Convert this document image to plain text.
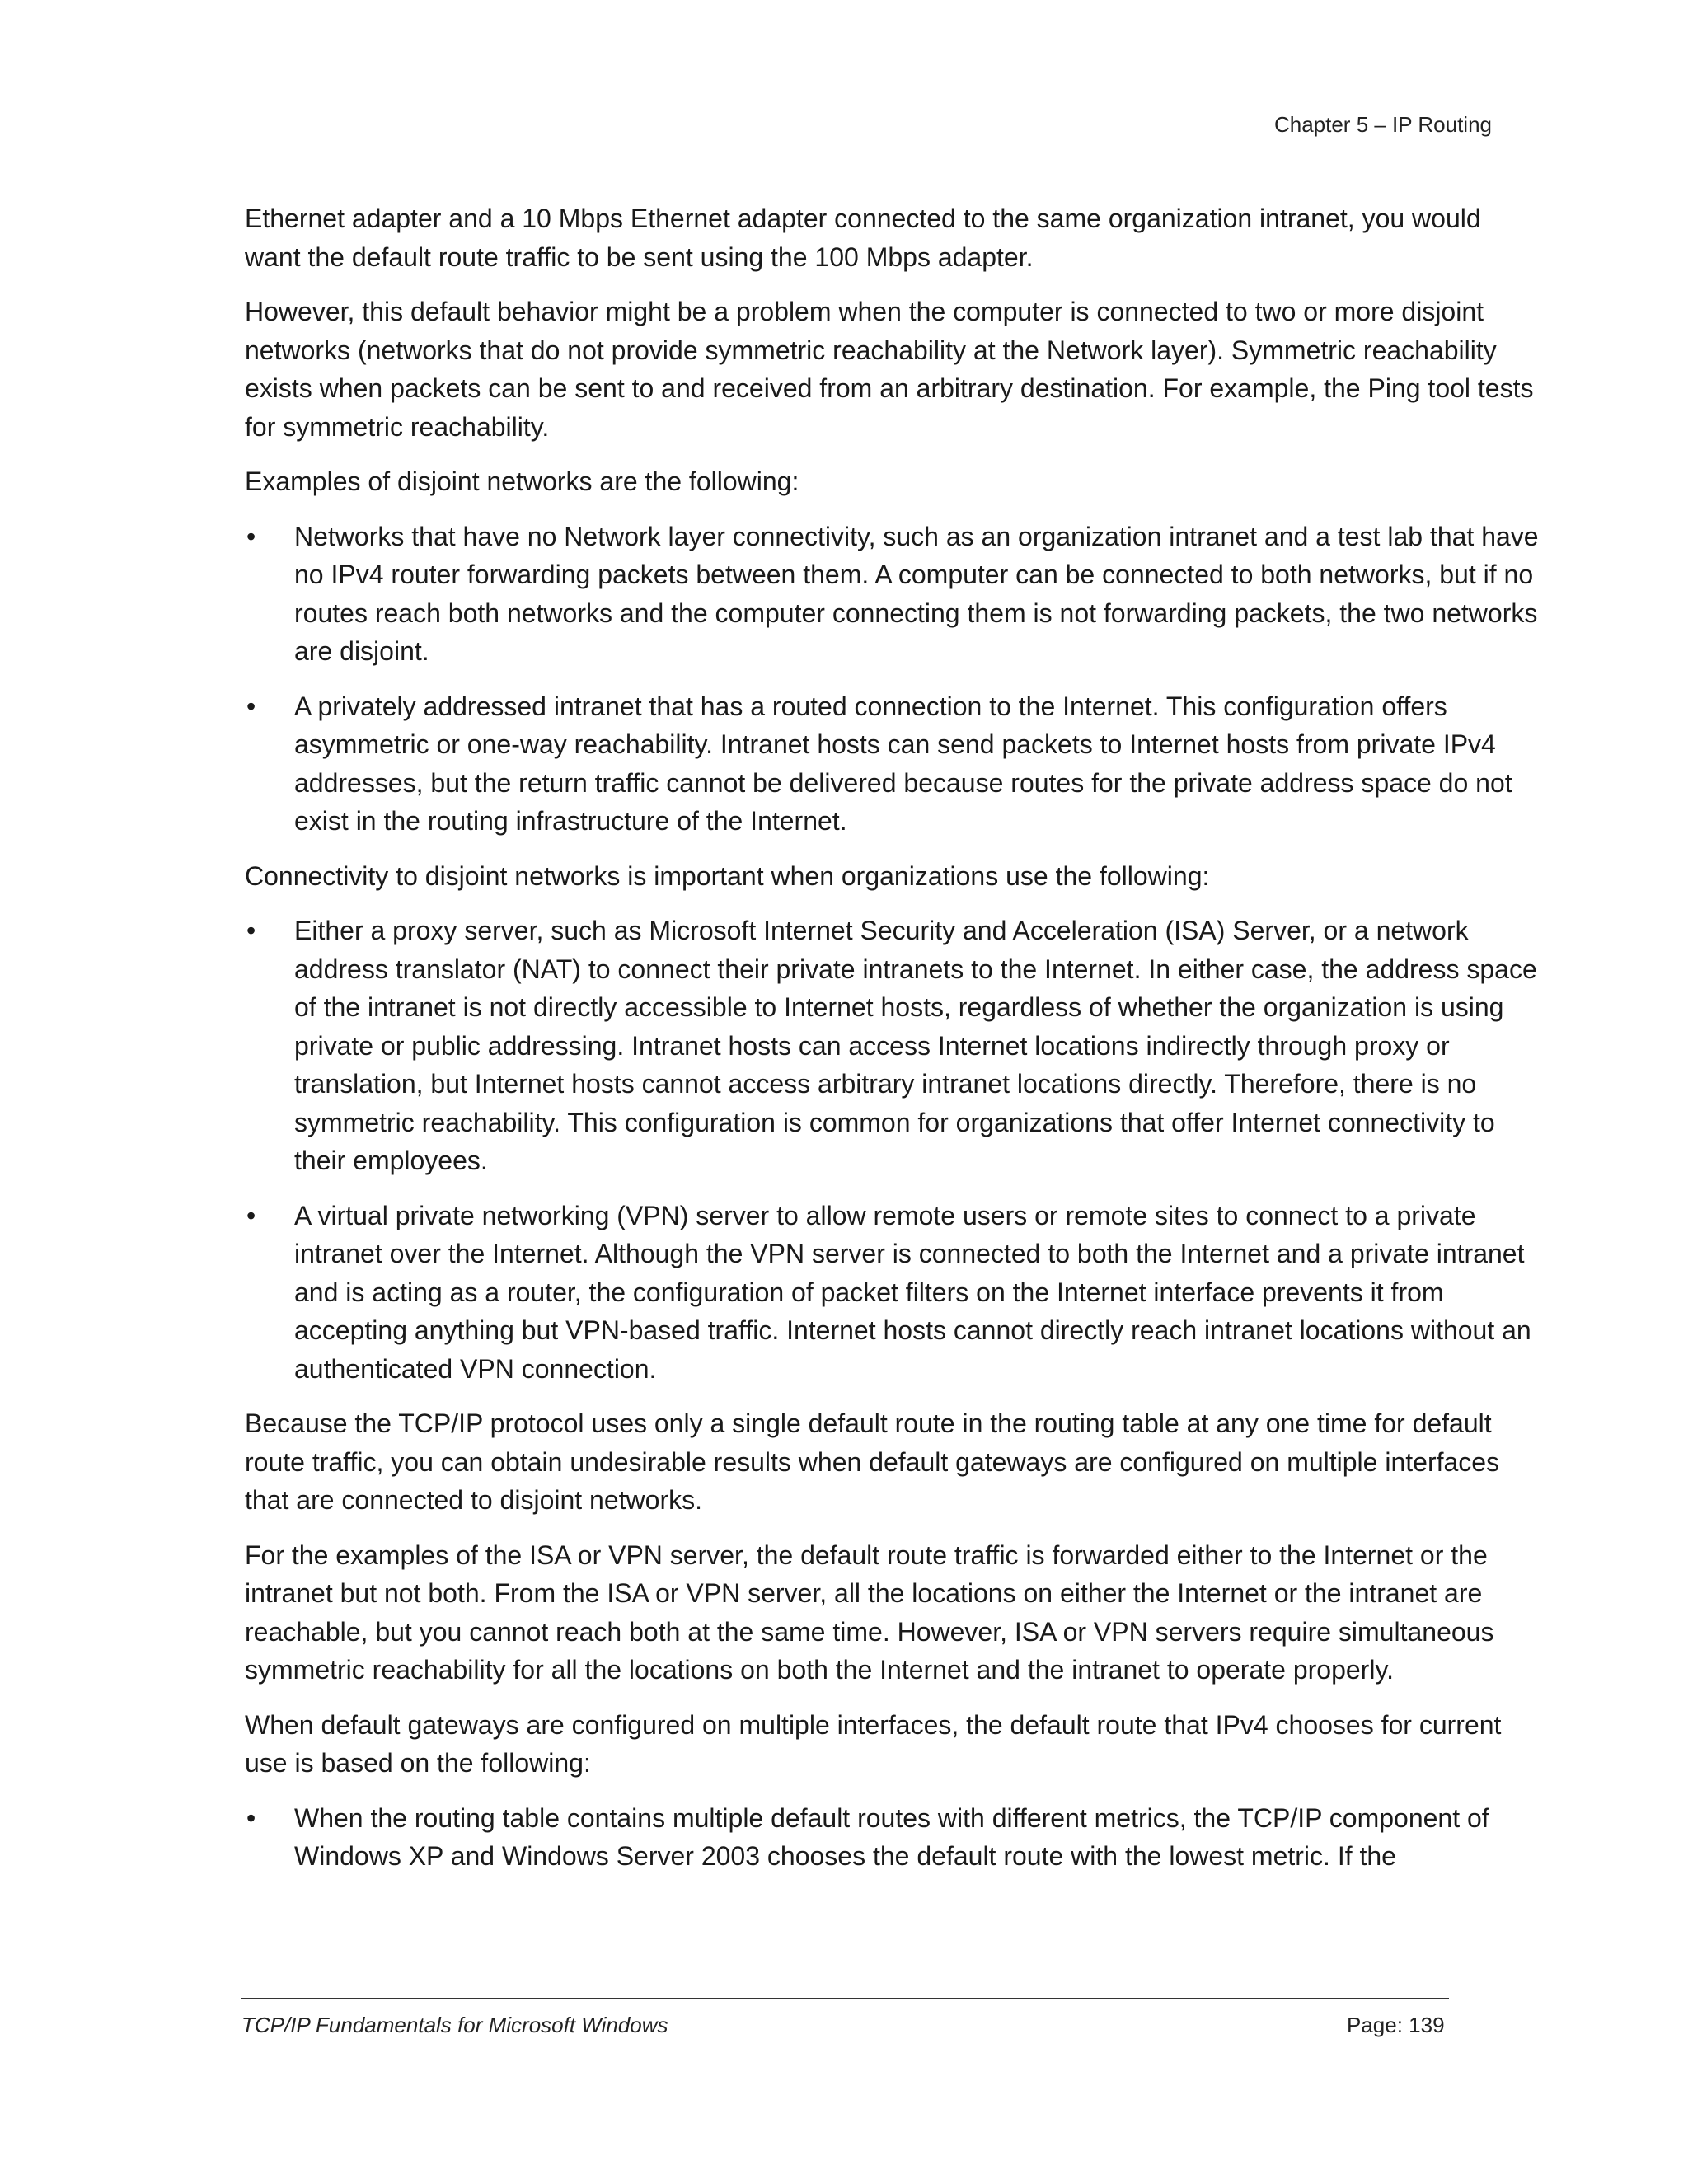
Chapter 5 – IP Routing

Ethernet adapter and a 10 Mbps Ethernet adapter connected to the same organization intranet, you would want the default route traffic to be sent using the 100 Mbps adapter.

However, this default behavior might be a problem when the computer is connected to two or more disjoint networks (networks that do not provide symmetric reachability at the Network layer). Symmetric reachability exists when packets can be sent to and received from an arbitrary destination. For example, the Ping tool tests for symmetric reachability.

Examples of disjoint networks are the following:

• Networks that have no Network layer connectivity, such as an organization intranet and a test lab that have no IPv4 router forwarding packets between them. A computer can be connected to both networks, but if no routes reach both networks and the computer connecting them is not forwarding packets, the two networks are disjoint.
• A privately addressed intranet that has a routed connection to the Internet. This configuration offers asymmetric or one-way reachability. Intranet hosts can send packets to Internet hosts from private IPv4 addresses, but the return traffic cannot be delivered because routes for the private address space do not exist in the routing infrastructure of the Internet.

Connectivity to disjoint networks is important when organizations use the following:

• Either a proxy server, such as Microsoft Internet Security and Acceleration (ISA) Server, or a network address translator (NAT) to connect their private intranets to the Internet. In either case, the address space of the intranet is not directly accessible to Internet hosts, regardless of whether the organization is using private or public addressing. Intranet hosts can access Internet locations indirectly through proxy or translation, but Internet hosts cannot access arbitrary intranet locations directly. Therefore, there is no symmetric reachability. This configuration is common for organizations that offer Internet connectivity to their employees.
• A virtual private networking (VPN) server to allow remote users or remote sites to connect to a private intranet over the Internet. Although the VPN server is connected to both the Internet and a private intranet and is acting as a router, the configuration of packet filters on the Internet interface prevents it from accepting anything but VPN-based traffic. Internet hosts cannot directly reach intranet locations without an authenticated VPN connection.

Because the TCP/IP protocol uses only a single default route in the routing table at any one time for default route traffic, you can obtain undesirable results when default gateways are configured on multiple interfaces that are connected to disjoint networks.

For the examples of the ISA or VPN server, the default route traffic is forwarded either to the Internet or the intranet but not both. From the ISA or VPN server, all the locations on either the Internet or the intranet are reachable, but you cannot reach both at the same time. However, ISA or VPN servers require simultaneous symmetric reachability for all the locations on both the Internet and the intranet to operate properly.

When default gateways are configured on multiple interfaces, the default route that IPv4 chooses for current use is based on the following:

• When the routing table contains multiple default routes with different metrics, the TCP/IP component of Windows XP and Windows Server 2003 chooses the default route with the lowest metric. If the
TCP/IP Fundamentals for Microsoft Windows	Page: 139
